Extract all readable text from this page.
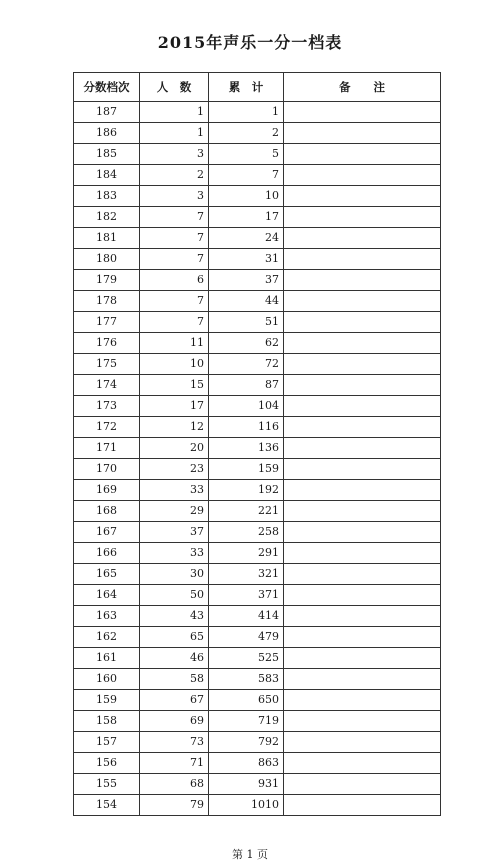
2015年声乐一分一档表
分数档次	人　数	累　计	备　　注
187	1	1	
186	1	2	
185	3	5	
184	2	7	
183	3	10	
182	7	17	
181	7	24	
180	7	31	
179	6	37	
178	7	44	
177	7	51	
176	11	62	
175	10	72	
174	15	87	
173	17	104	
172	12	116	
171	20	136	
170	23	159	
169	33	192	
168	29	221	
167	37	258	
166	33	291	
165	30	321	
164	50	371	
163	43	414	
162	65	479	
161	46	525	
160	58	583	
159	67	650	
158	69	719	
157	73	792	
156	71	863	
155	68	931	
154	79	1010	
第 1 页
